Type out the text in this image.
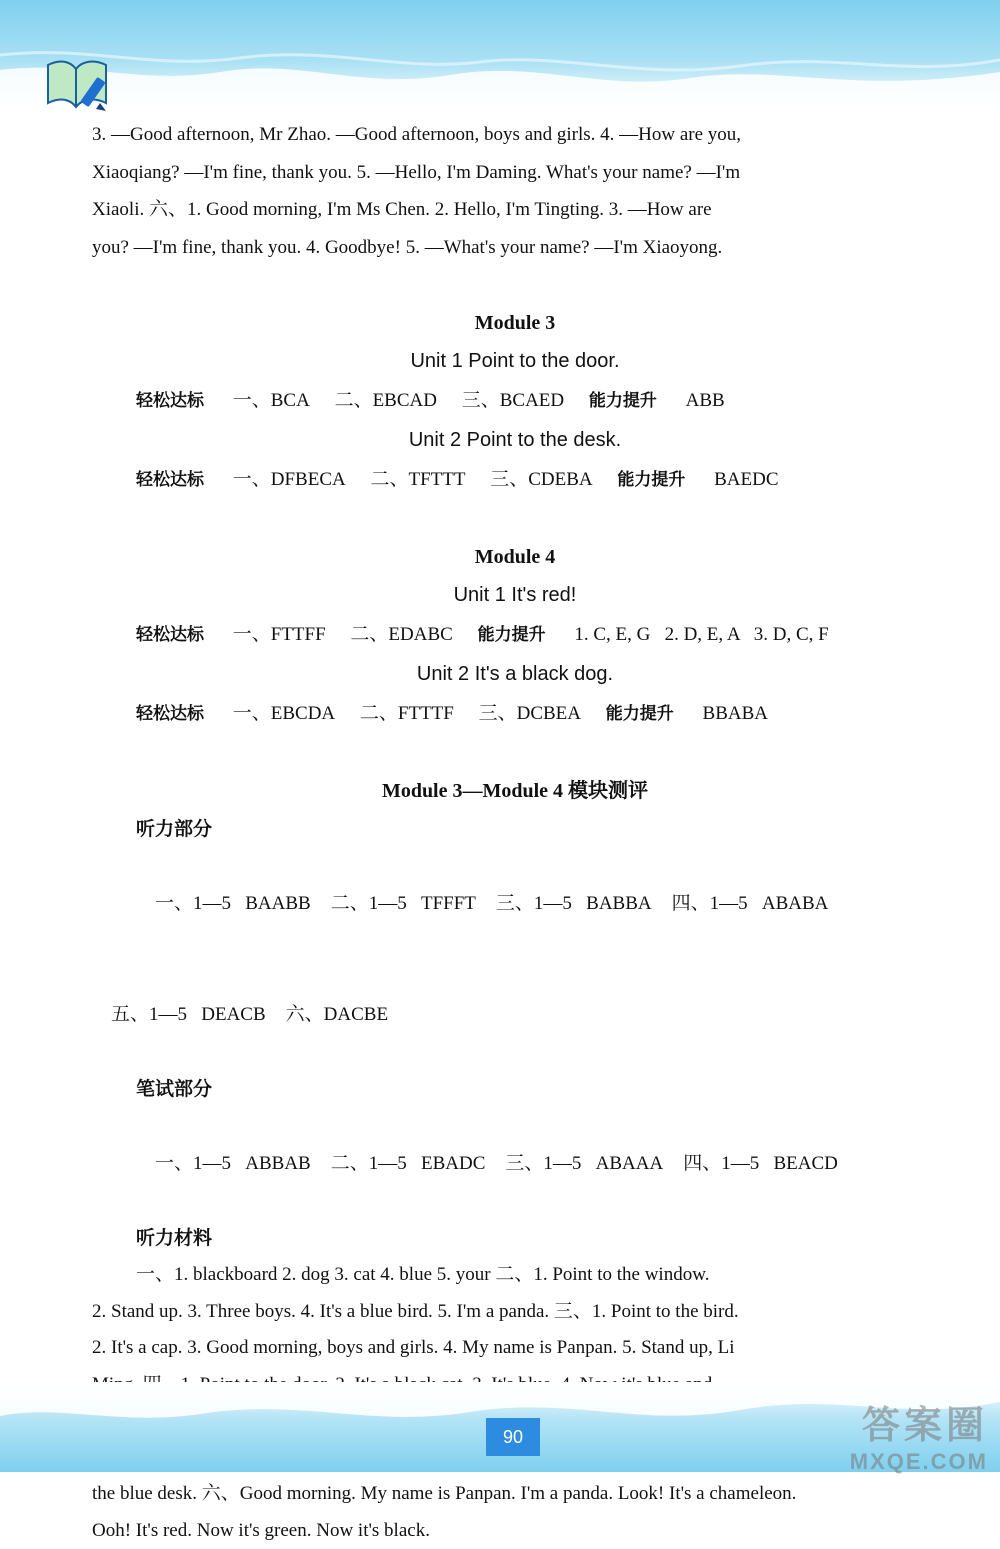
3. —Good afternoon, Mr Zhao. —Good afternoon, boys and girls. 4. —How are you,

Xiaoqiang? —I'm fine, thank you. 5. —Hello, I'm Daming. What's your name? —I'm

Xiaoli. 六、1. Good morning, I'm Ms Chen. 2. Hello, I'm Tingting. 3. —How are

you? —I'm fine, thank you. 4. Goodbye! 5. —What's your name? —I'm Xiaoyong.

Module 3

Unit 1 Point to the door.

轻松达标 一、BCA 二、EBCAD 三、BCAED 能力提升 ABB

Unit 2 Point to the desk.

轻松达标 一、DFBECA 二、TFTTT 三、CDEBA 能力提升 BAEDC

Module 4

Unit 1 It's red!

轻松达标 一、FTTFF 二、EDABC 能力提升 1. C, E, G   2. D, E, A   3. D, C, F

Unit 2 It's a black dog.

轻松达标 一、EBCDA 二、FTTTF 三、DCBEA 能力提升 BBABA

Module 3—Module 4 模块测评

听力部分

一、1—5   BAABB 二、1—5   TFFFT 三、1—5   BABBA 四、1—5   ABABA

五、1—5   DEACB 六、DACBE

笔试部分

一、1—5   ABBAB 二、1—5   EBADC 三、1—5   ABAAA 四、1—5   BEACD

听力材料

一、1. blackboard 2. dog 3. cat 4. blue 5. your 二、1. Point to the window.

2. Stand up. 3. Three boys. 4. It's a blue bird. 5. I'm a panda. 三、1. Point to the bird.

2. It's a cap. 3. Good morning, boys and girls. 4. My name is Panpan. 5. Stand up, Li

the blue desk. 六、Good morning. My name is Panpan. I'm a panda. Look! It's a chameleon.

Ooh! It's red. Now it's green. Now it's black.

90	答案圈
MXQE.COM
